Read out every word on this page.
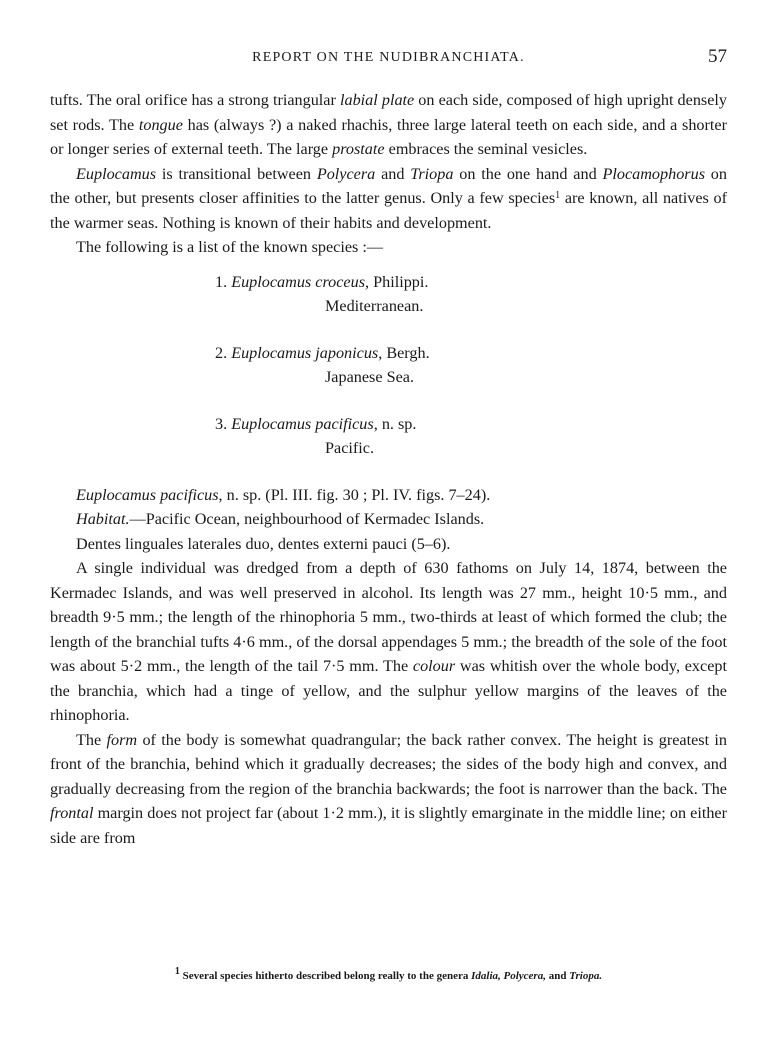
REPORT ON THE NUDIBRANCHIATA.	57

tufts. The oral orifice has a strong triangular labial plate on each side, composed of high upright densely set rods. The tongue has (always ?) a naked rhachis, three large lateral teeth on each side, and a shorter or longer series of external teeth. The large prostate embraces the seminal vesicles.

Euplocamus is transitional between Polycera and Triopa on the one hand and Plocamophorus on the other, but presents closer affinities to the latter genus. Only a few species$^1$ are known, all natives of the warmer seas. Nothing is known of their habits and development.

The following is a list of the known species :—

1. Euplocamus croceus, Philippi.
Mediterranean.
2. Euplocamus japonicus, Bergh.
Japanese Sea.
3. Euplocamus pacificus, n. sp.
Pacific.

Euplocamus pacificus, n. sp. (Pl. III. fig. 30 ; Pl. IV. figs. 7–24).

Habitat.—Pacific Ocean, neighbourhood of Kermadec Islands.

Dentes linguales laterales duo, dentes externi pauci (5–6).

A single individual was dredged from a depth of 630 fathoms on July 14, 1874, between the Kermadec Islands, and was well preserved in alcohol. Its length was 27 mm., height 10·5 mm., and breadth 9·5 mm.; the length of the rhinophoria 5 mm., two-thirds at least of which formed the club; the length of the branchial tufts 4·6 mm., of the dorsal appendages 5 mm.; the breadth of the sole of the foot was about 5·2 mm., the length of the tail 7·5 mm. The colour was whitish over the whole body, except the branchia, which had a tinge of yellow, and the sulphur yellow margins of the leaves of the rhinophoria.

The form of the body is somewhat quadrangular; the back rather convex. The height is greatest in front of the branchia, behind which it gradually decreases; the sides of the body high and convex, and gradually decreasing from the region of the branchia backwards; the foot is narrower than the back. The frontal margin does not project far (about 1·2 mm.), it is slightly emarginate in the middle line; on either side are from

1 Several species hitherto described belong really to the genera Idalia, Polycera, and Triopa.
